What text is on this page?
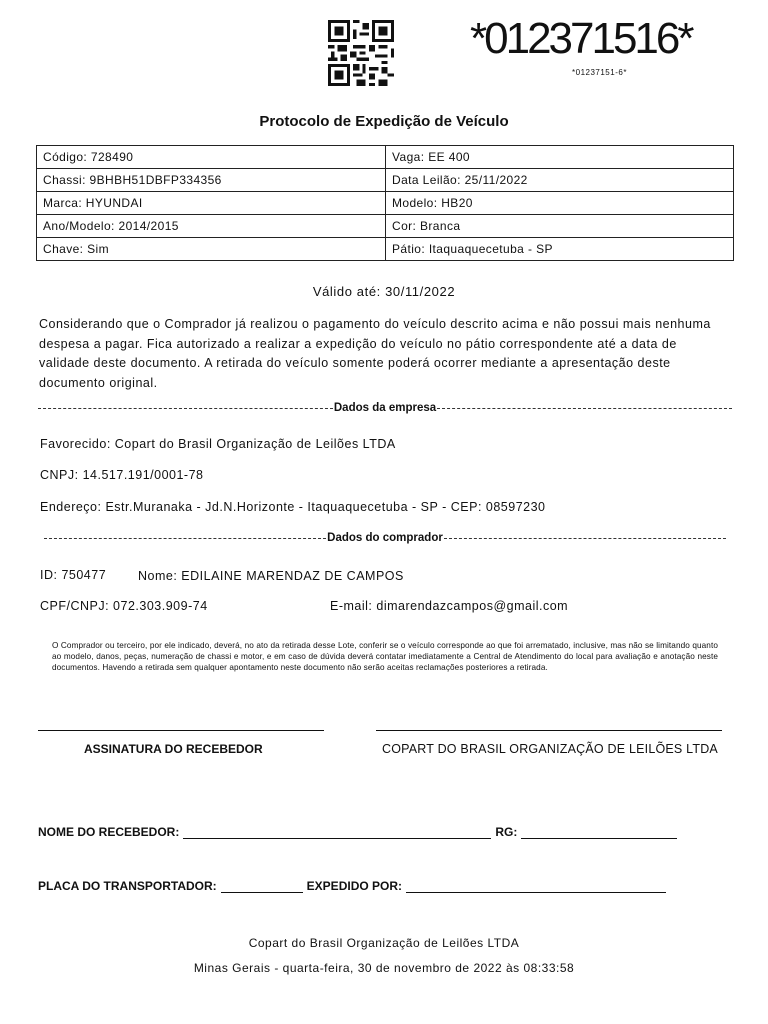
*012371516*
*01237151-6*
Protocolo de Expedição de Veículo
Código: 728490	Vaga: EE 400
Chassi: 9BHBH51DBFP334356	Data Leilão: 25/11/2022
Marca: HYUNDAI	Modelo: HB20
Ano/Modelo: 2014/2015	Cor: Branca
Chave: Sim	Pátio: Itaquaquecetuba - SP
Válido até: 30/11/2022
Considerando que o Comprador já realizou o pagamento do veículo descrito acima e não possui mais nenhuma despesa a pagar. Fica autorizado a realizar a expedição do veículo no pátio correspondente até a data de validade deste documento. A retirada do veículo somente poderá ocorrer mediante a apresentação deste documento original.
Dados da empresa
Favorecido: Copart do Brasil Organização de Leilões LTDA
CNPJ: 14.517.191/0001-78
Endereço: Estr.Muranaka - Jd.N.Horizonte - Itaquaquecetuba - SP - CEP: 08597230
Dados do comprador
ID: 750477	Nome: EDILAINE MARENDAZ DE CAMPOS
CPF/CNPJ: 072.303.909-74	E-mail: dimarendazcampos@gmail.com
O Comprador ou terceiro, por ele indicado, deverá, no ato da retirada desse Lote, conferir se o veículo corresponde ao que foi arrematado, inclusive, mas não se limitando quanto ao modelo, danos, peças, numeração de chassi e motor, e em caso de dúvida deverá contatar imediatamente a Central de Atendimento do local para avaliação e anotação neste documentos. Havendo a retirada sem qualquer apontamento neste documento não serão aceitas reclamações posteriores a retirada.
ASSINATURA DO RECEBEDOR	COPART DO BRASIL ORGANIZAÇÃO DE LEILÕES LTDA
NOME DO RECEBEDOR:	RG:
PLACA DO TRANSPORTADOR:	EXPEDIDO POR:
Copart do Brasil Organização de Leilões LTDA
Minas Gerais - quarta-feira, 30 de novembro de 2022 às 08:33:58
